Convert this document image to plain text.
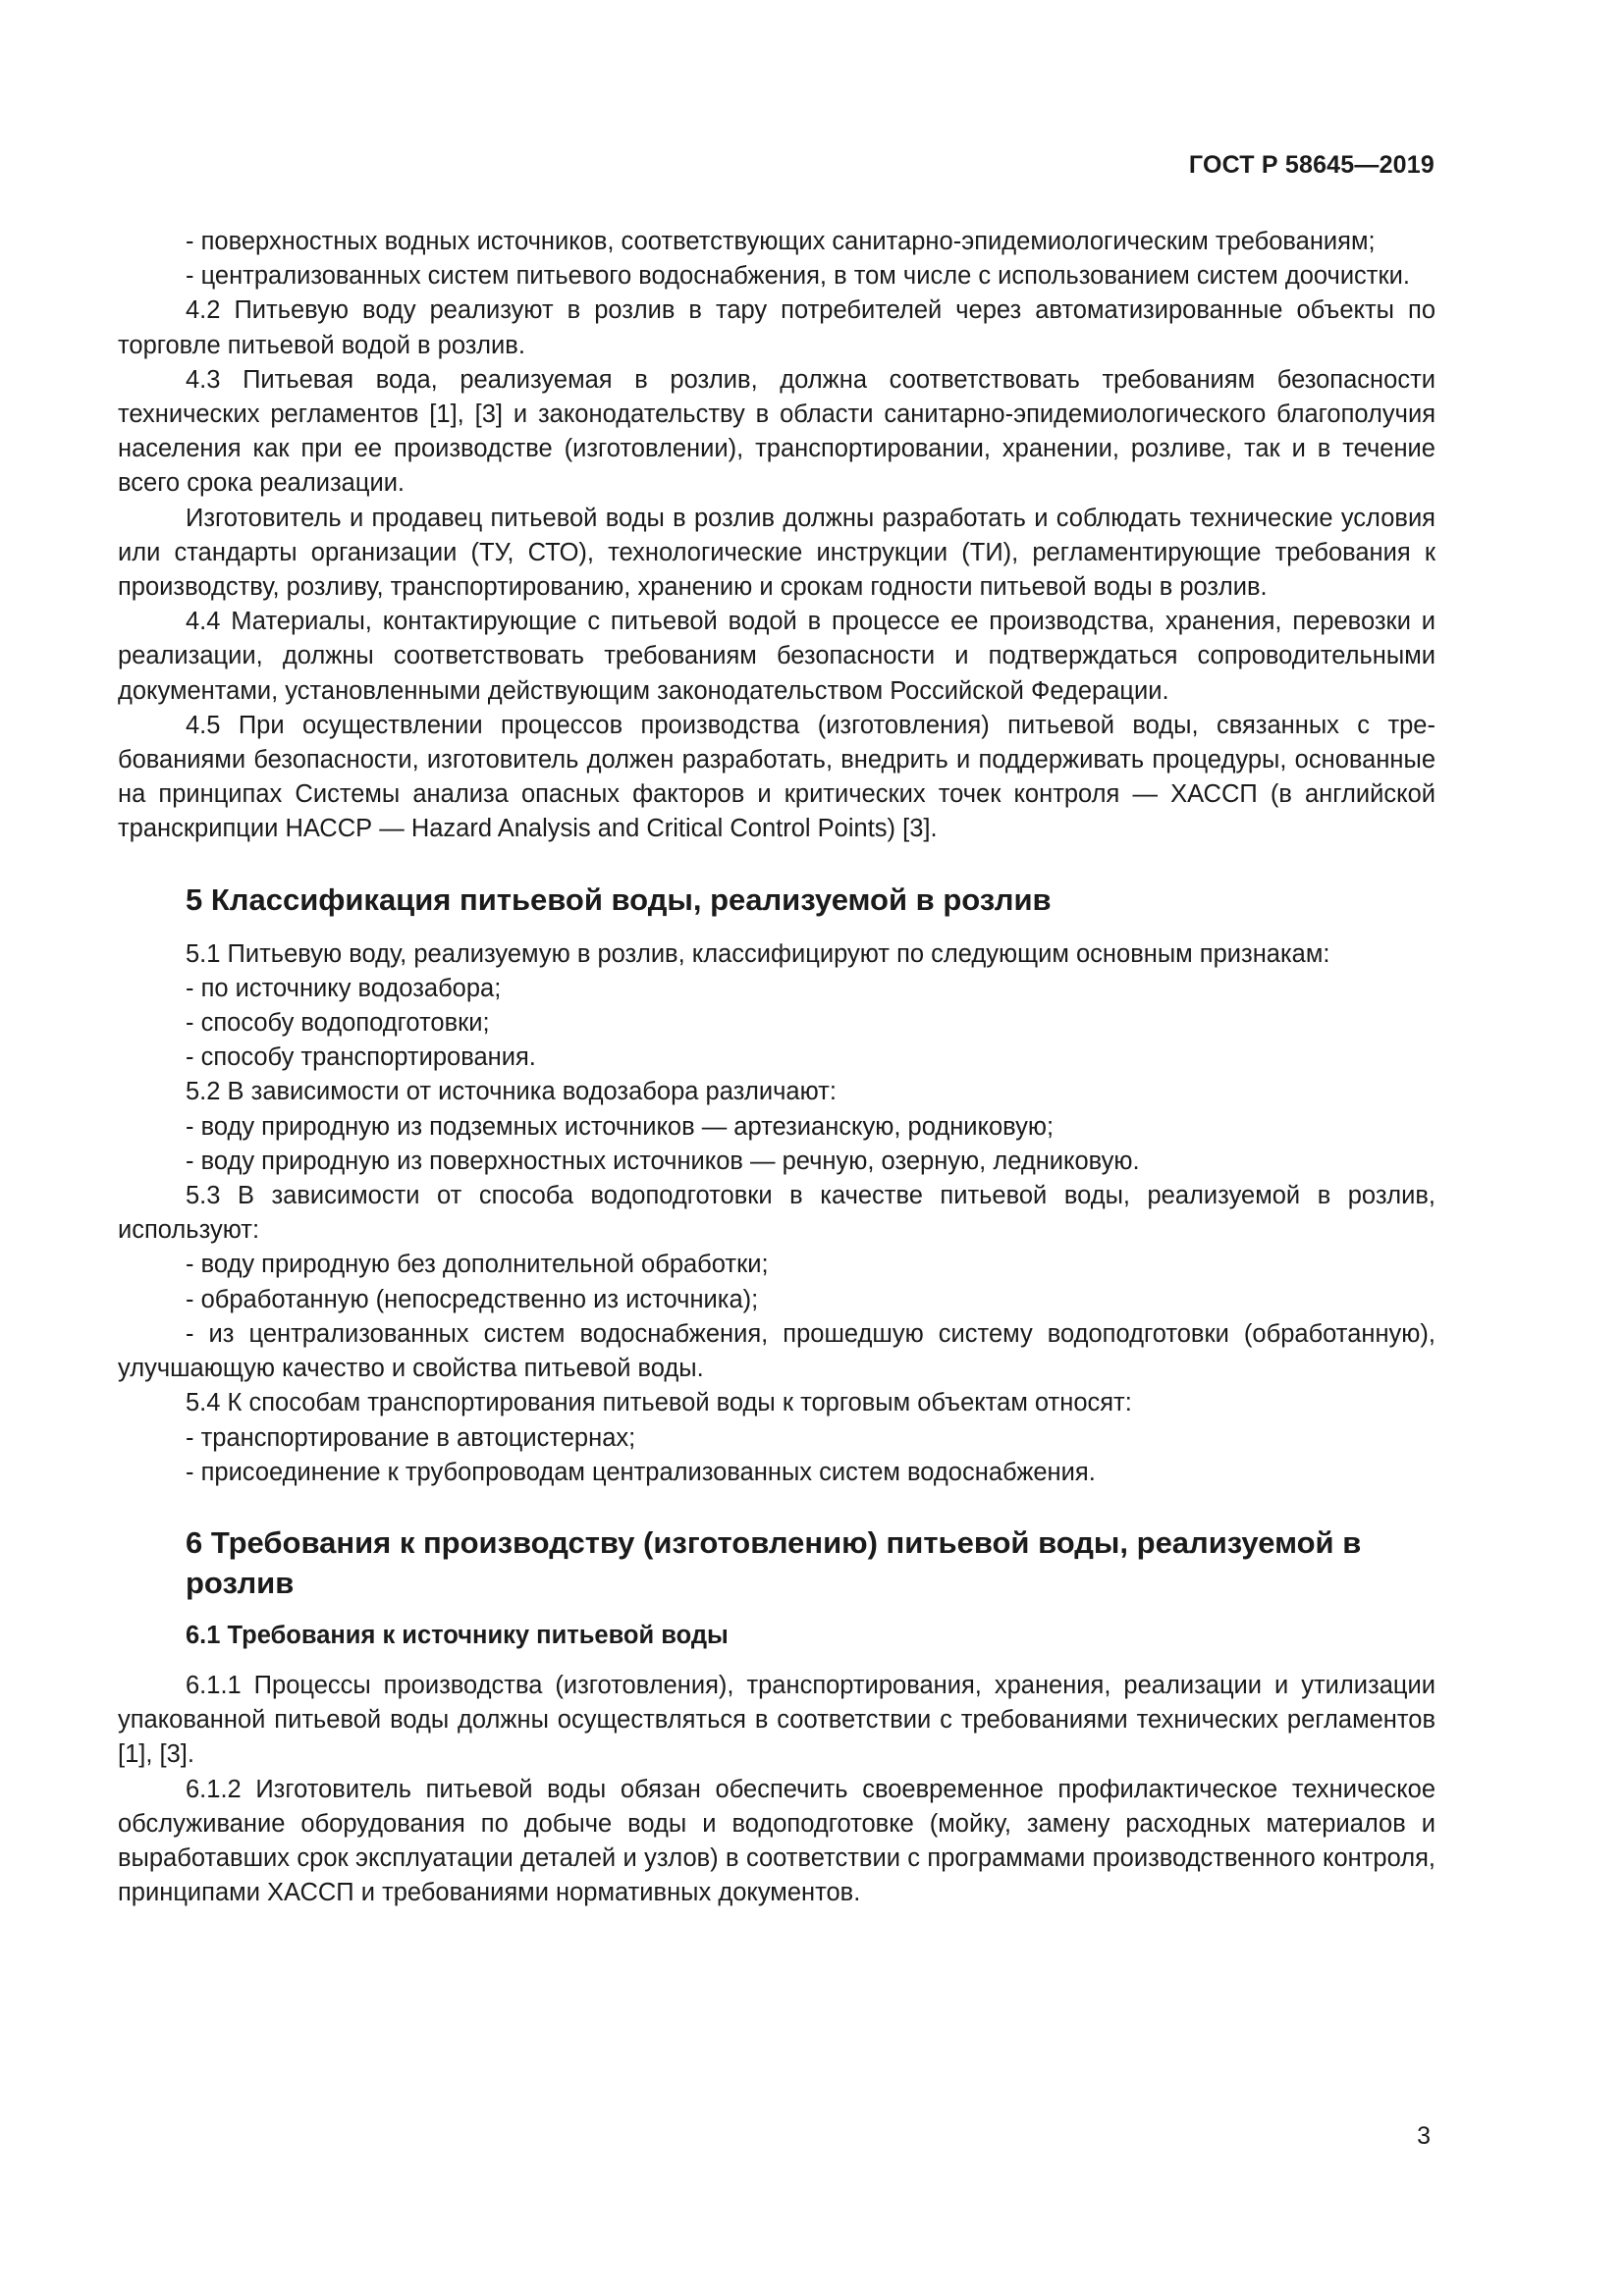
ГОСТ Р 58645—2019

- поверхностных водных источников, соответствующих санитарно-эпидемиологическим требованиям;

- централизованных систем питьевого водоснабжения, в том числе с использованием систем доочистки.

4.2 Питьевую воду реализуют в розлив в тару потребителей через автоматизированные объекты по торговле питьевой водой в розлив.

4.3 Питьевая вода, реализуемая в розлив, должна соответствовать требованиям безопасности технических регламентов [1], [3] и законодательству в области санитарно-эпидемиологического благополучия населения как при ее производстве (изготовлении), транспортировании, хранении, розливе, так и в течение всего срока реализации.

Изготовитель и продавец питьевой воды в розлив должны разработать и соблюдать технические условия или стандарты организации (ТУ, СТО), технологические инструкции (ТИ), регламентирующие требования к производству, розливу, транспортированию, хранению и срокам годности питьевой воды в розлив.

4.4 Материалы, контактирующие с питьевой водой в процессе ее производства, хранения, перевозки и реализации, должны соответствовать требованиям безопасности и подтверждаться сопроводительными документами, установленными действующим законодательством Российской Федерации.

4.5 При осуществлении процессов производства (изготовления) питьевой воды, связанных с требованиями безопасности, изготовитель должен разработать, внедрить и поддерживать процедуры, основанные на принципах Системы анализа опасных факторов и критических точек контроля — ХАССП (в английской транскрипции НАССР — Hazard Analysis and Critical Control Points) [3].

5 Классификация питьевой воды, реализуемой в розлив

5.1 Питьевую воду, реализуемую в розлив, классифицируют по следующим основным признакам:

- по источнику водозабора;

- способу водоподготовки;

- способу транспортирования.

5.2 В зависимости от источника водозабора различают:

- воду природную из подземных источников — артезианскую, родниковую;

- воду природную из поверхностных источников — речную, озерную, ледниковую.

5.3 В зависимости от способа водоподготовки в качестве питьевой воды, реализуемой в розлив, используют:

- воду природную без дополнительной обработки;

- обработанную (непосредственно из источника);

- из централизованных систем водоснабжения, прошедшую систему водоподготовки (обработанную), улучшающую качество и свойства питьевой воды.

5.4 К способам транспортирования питьевой воды к торговым объектам относят:

- транспортирование в автоцистернах;

- присоединение к трубопроводам централизованных систем водоснабжения.

6 Требования к производству (изготовлению) питьевой воды, реализуемой в розлив
6.1 Требования к источнику питьевой воды

6.1.1 Процессы производства (изготовления), транспортирования, хранения, реализации и утилизации упакованной питьевой воды должны осуществляться в соответствии с требованиями технических регламентов [1], [3].

6.1.2 Изготовитель питьевой воды обязан обеспечить своевременное профилактическое техническое обслуживание оборудования по добыче воды и водоподготовке (мойку, замену расходных материалов и выработавших срок эксплуатации деталей и узлов) в соответствии с программами производственного контроля, принципами ХАССП и требованиями нормативных документов.

3
